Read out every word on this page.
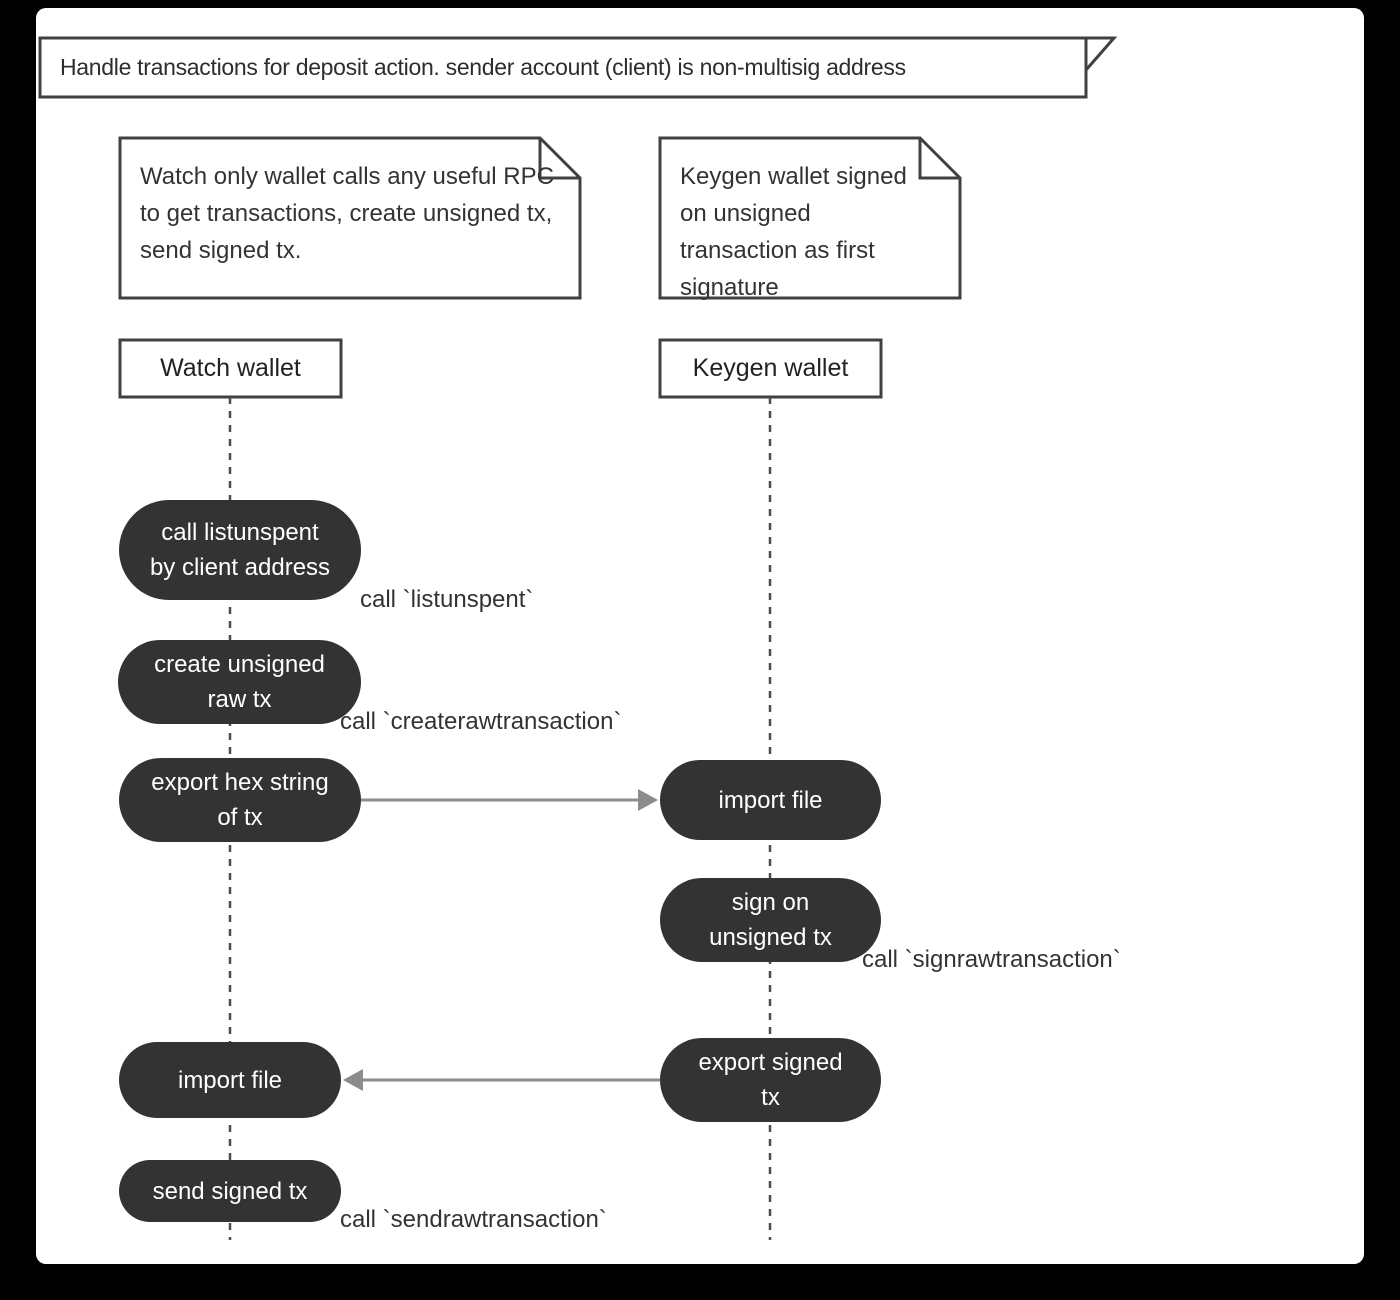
Handle transactions for deposit action. sender account (client) is non-multisig address
Watch only wallet calls any useful RPC to get transactions, create unsigned tx, send signed tx.
Keygen wallet signed on unsigned transaction as first signature
Watch wallet	Keygen wallet
call listunspent
by client address
create unsigned
raw tx
export hex string
of tx
import file
sign on
unsigned tx
export signed
tx
import file
send signed tx
call `listunspent`
call `createrawtransaction`
call `signrawtransaction`
call `sendrawtransaction`
